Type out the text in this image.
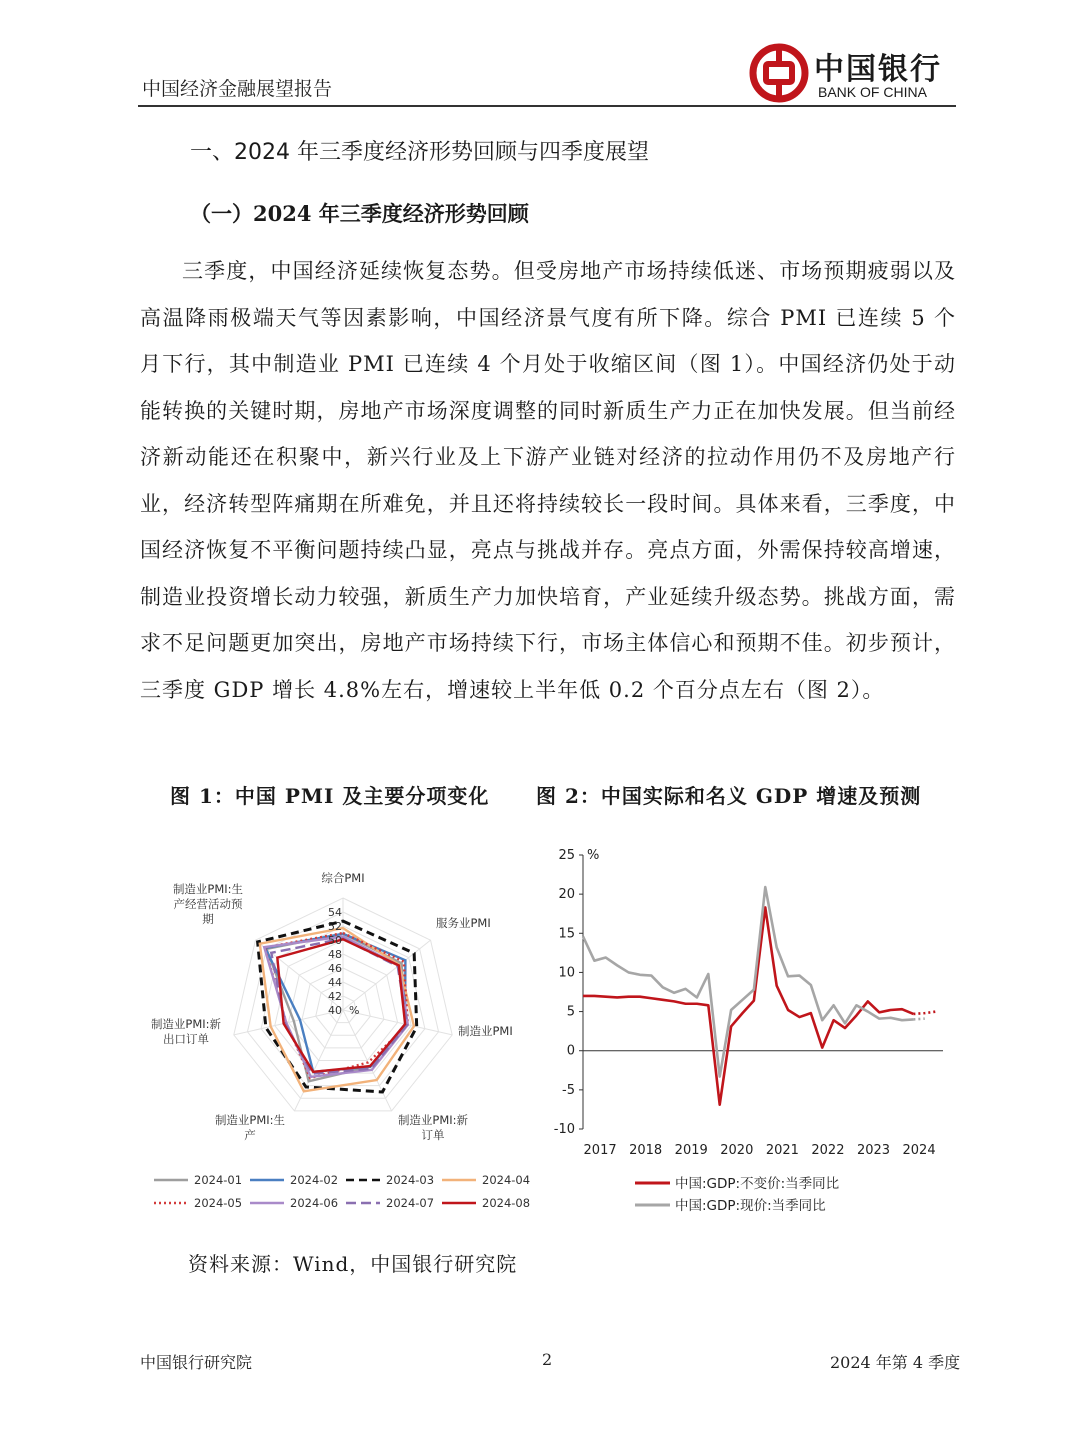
中国经济金融展望报告
中国银行
BANK OF CHINA
一、2024 年三季度经济形势回顾与四季度展望
（一）2024 年三季度经济形势回顾

三季度，中国经济延续恢复态势。但受房地产市场持续低迷、市场预期疲弱以及高温降雨极端天气等因素影响，中国经济景气度有所下降。综合 PMI 已连续 5 个月下行，其中制造业 PMI 已连续 4 个月处于收缩区间（图 1）。中国经济仍处于动能转换的关键时期，房地产市场深度调整的同时新质生产力正在加快发展。但当前经济新动能还在积聚中，新兴行业及上下游产业链对经济的拉动作用仍不及房地产行业，经济转型阵痛期在所难免，并且还将持续较长一段时间。具体来看，三季度，中国经济恢复不平衡问题持续凸显，亮点与挑战并存。亮点方面，外需保持较高增速，制造业投资增长动力较强，新质生产力加快培育，产业延续升级态势。挑战方面，需求不足问题更加突出，房地产市场持续下行，市场主体信心和预期不佳。初步预计，三季度 GDP 增长 4.8%左右，增速较上半年低 0.2 个百分点左右（图 2）。

图 1：中国 PMI 及主要分项变化 图 2：中国实际和名义 GDP 增速及预测
40
42
44
46
48
50
52
54
%
综合PMI
服务业PMI
制造业PMI
制造业PMI:新订单
制造业PMI:生产
制造业PMI:新出口订单
制造业PMI:生产经营活动预期
2024-01	2024-02	2024-03	2024-04
2024-05	2024-06	2024-07	2024-08
-10
-5
0
5
10
15
20
25 %
2017 2018 2019 2020 2021 2022 2023 2024
中国:GDP:不变价:当季同比
中国:GDP:现价:当季同比
资料来源：Wind，中国银行研究院
中国银行研究院	2	2024 年第 4 季度
